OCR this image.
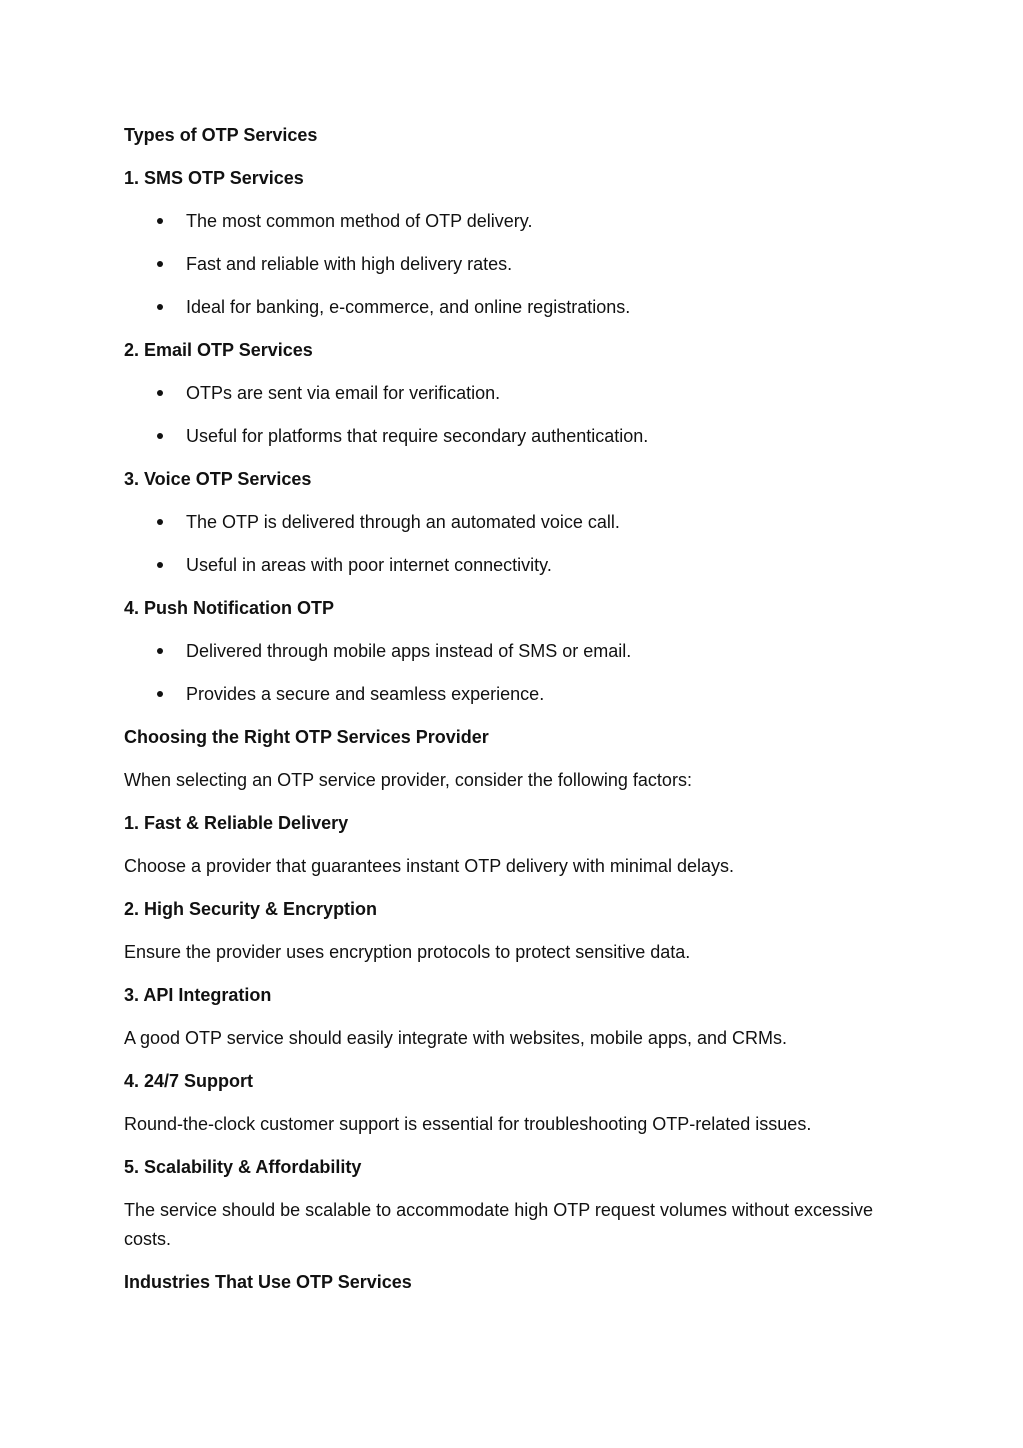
Types of OTP Services
1. SMS OTP Services
The most common method of OTP delivery.
Fast and reliable with high delivery rates.
Ideal for banking, e-commerce, and online registrations.
2. Email OTP Services
OTPs are sent via email for verification.
Useful for platforms that require secondary authentication.
3. Voice OTP Services
The OTP is delivered through an automated voice call.
Useful in areas with poor internet connectivity.
4. Push Notification OTP
Delivered through mobile apps instead of SMS or email.
Provides a secure and seamless experience.
Choosing the Right OTP Services Provider
When selecting an OTP service provider, consider the following factors:
1. Fast & Reliable Delivery
Choose a provider that guarantees instant OTP delivery with minimal delays.
2. High Security & Encryption
Ensure the provider uses encryption protocols to protect sensitive data.
3. API Integration
A good OTP service should easily integrate with websites, mobile apps, and CRMs.
4. 24/7 Support
Round-the-clock customer support is essential for troubleshooting OTP-related issues.
5. Scalability & Affordability
The service should be scalable to accommodate high OTP request volumes without excessive costs.
Industries That Use OTP Services
